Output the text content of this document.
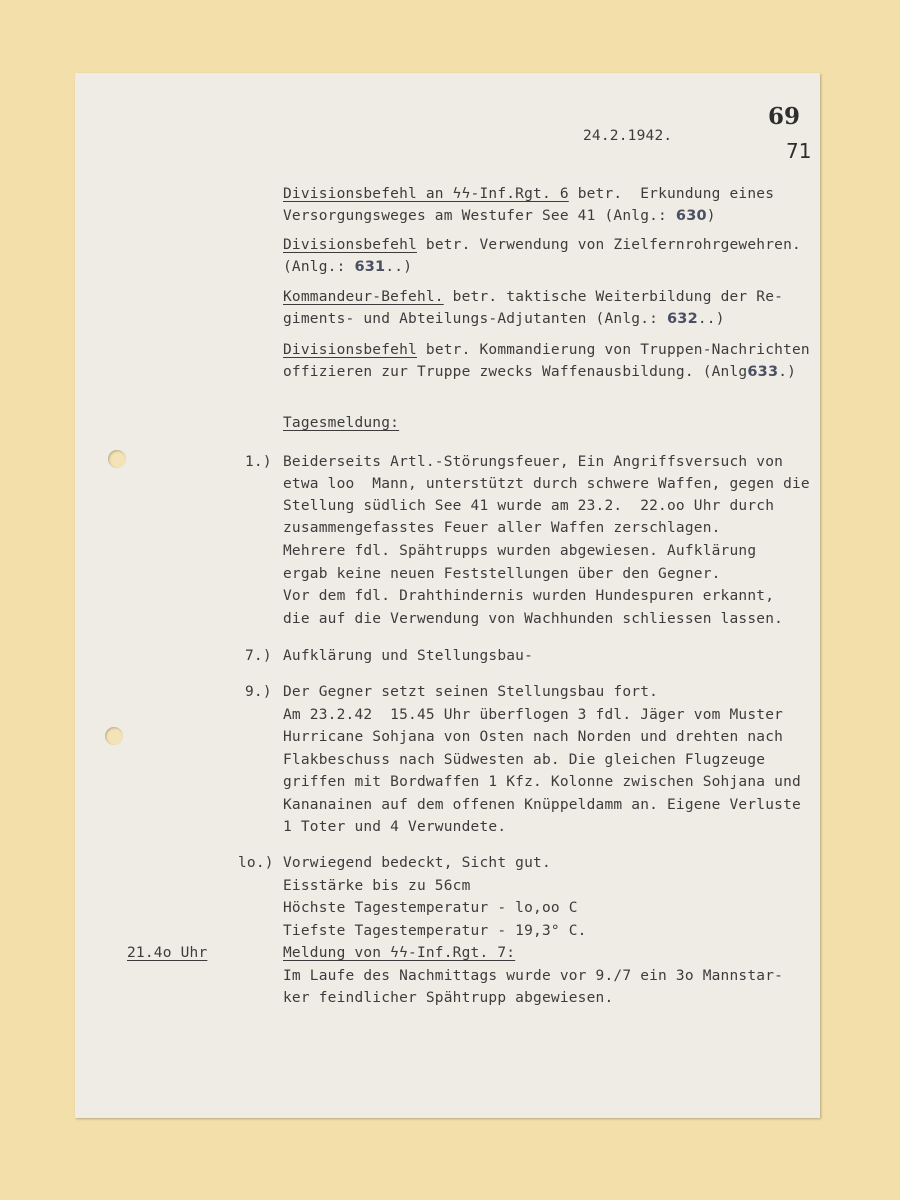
24.2.1942.
69
71
Divisionsbefehl an ϟϟ-Inf.Rgt. 6 betr.  Erkundung eines
Versorgungsweges am Westufer See 41 (Anlg.: 630)
Divisionsbefehl betr. Verwendung von Zielfernrohrgewehren.
(Anlg.: 631..)
Kommandeur-Befehl. betr. taktische Weiterbildung der Re-
giments- und Abteilungs-Adjutanten (Anlg.: 632..)
Divisionsbefehl betr. Kommandierung von Truppen-Nachrichten
offizieren zur Truppe zwecks Waffenausbildung. (Anlg633.)
Tagesmeldung:
1.) Beiderseits Artl.-Störungsfeuer, Ein Angriffsversuch von
etwa loo  Mann, unterstützt durch schwere Waffen, gegen die
Stellung südlich See 41 wurde am 23.2.  22.oo Uhr durch
zusammengefasstes Feuer aller Waffen zerschlagen.
Mehrere fdl. Spähtrupps wurden abgewiesen. Aufklärung
ergab keine neuen Feststellungen über den Gegner.
Vor dem fdl. Drahthindernis wurden Hundespuren erkannt,
die auf die Verwendung von Wachhunden schliessen lassen.
7.) Aufklärung und Stellungsbau-
9.) Der Gegner setzt seinen Stellungsbau fort.
Am 23.2.42  15.45 Uhr überflogen 3 fdl. Jäger vom Muster
Hurricane Sohjana von Osten nach Norden und drehten nach
Flakbeschuss nach Südwesten ab. Die gleichen Flugzeuge
griffen mit Bordwaffen 1 Kfz. Kolonne zwischen Sohjana und
Kananainen auf dem offenen Knüppeldamm an. Eigene Verluste
1 Toter und 4 Verwundete.
lo.) Vorwiegend bedeckt, Sicht gut.
Eisstärke bis zu 56cm
Höchste Tagestemperatur - lo,oo C
Tiefste Tagestemperatur - 19,3° C.
21.4o Uhr	Meldung von ϟϟ-Inf.Rgt. 7:
Im Laufe des Nachmittags wurde vor 9./7 ein 3o Mannstar-
ker feindlicher Spähtrupp abgewiesen.
